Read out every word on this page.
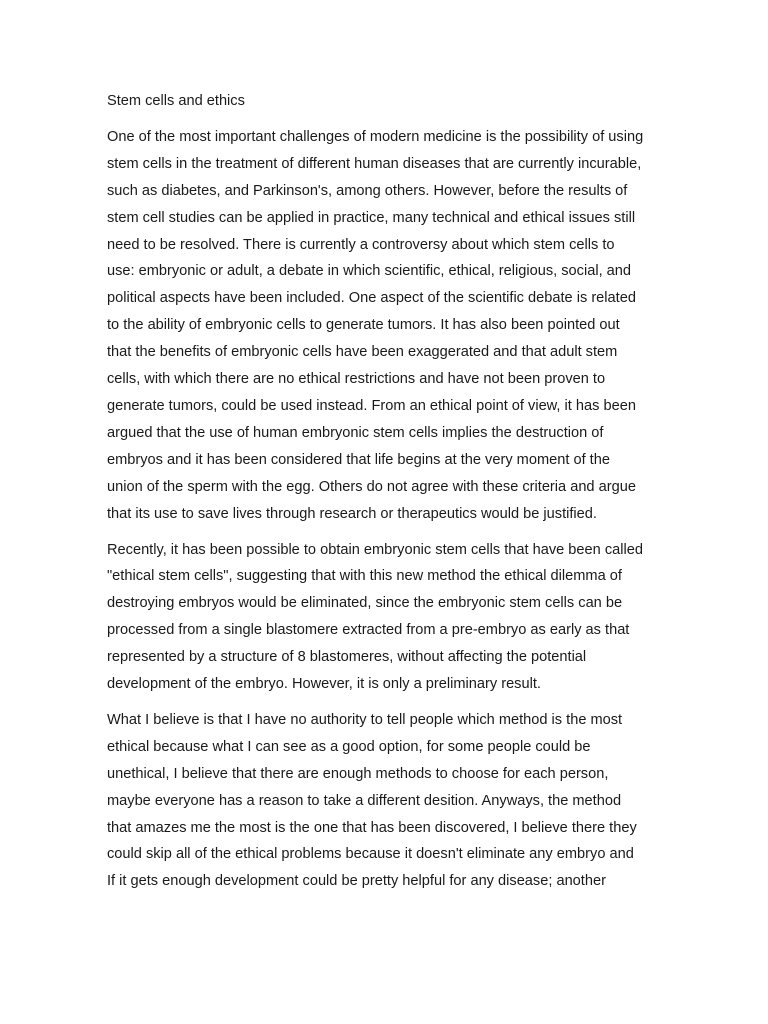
Stem cells and ethics
One of the most important challenges of modern medicine is the possibility of using
stem cells in the treatment of different human diseases that are currently incurable,
such as diabetes, and Parkinson's, among others. However, before the results of
stem cell studies can be applied in practice, many technical and ethical issues still
need to be resolved. There is currently a controversy about which stem cells to
use: embryonic or adult, a debate in which scientific, ethical, religious, social, and
political aspects have been included. One aspect of the scientific debate is related
to the ability of embryonic cells to generate tumors. It has also been pointed out
that the benefits of embryonic cells have been exaggerated and that adult stem
cells, with which there are no ethical restrictions and have not been proven to
generate tumors, could be used instead. From an ethical point of view, it has been
argued that the use of human embryonic stem cells implies the destruction of
embryos and it has been considered that life begins at the very moment of the
union of the sperm with the egg. Others do not agree with these criteria and argue
that its use to save lives through research or therapeutics would be justified.
Recently, it has been possible to obtain embryonic stem cells that have been called
"ethical stem cells", suggesting that with this new method the ethical dilemma of
destroying embryos would be eliminated, since the embryonic stem cells can be
processed from a single blastomere extracted from a pre-embryo as early as that
represented by a structure of 8 blastomeres, without affecting the potential
development of the embryo. However, it is only a preliminary result.
What I believe is that I have no authority to tell people which method is the most
ethical because what I can see as a good option, for some people could be
unethical, I believe that there are enough methods to choose for each person,
maybe everyone has a reason to take a different desition. Anyways, the method
that amazes me the most is the one that has been discovered, I believe there they
could skip all of the ethical problems because it doesn't eliminate any embryo and
If it gets enough development could be pretty helpful for any disease; another
